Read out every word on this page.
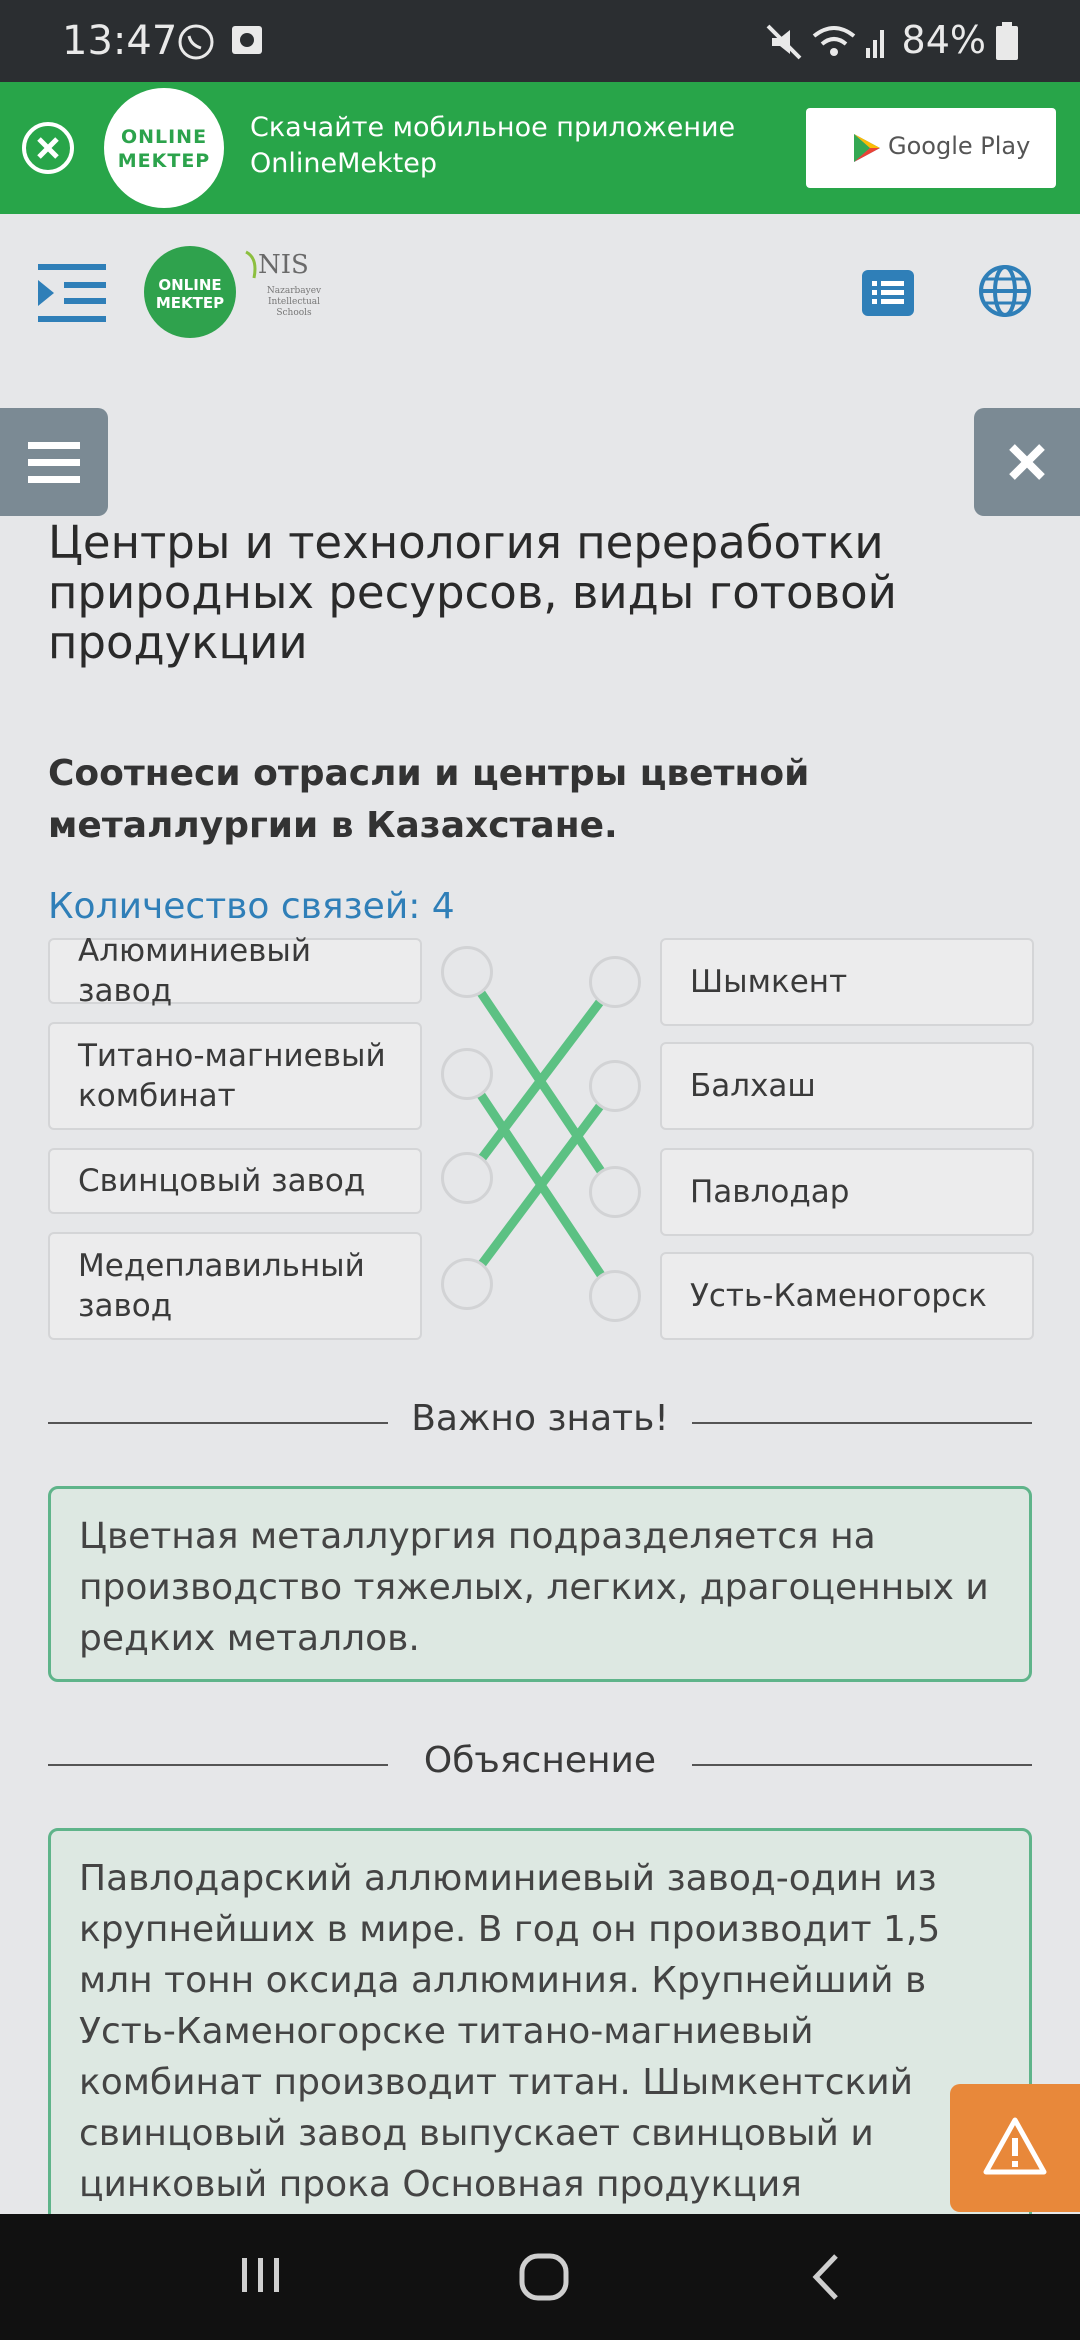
13:47	84%
ONLINE
MEKTEP
Скачайте мобильное приложение
OnlineMektep
Google Play
ONLINE
MEKTEP
NIS
Nazarbayev
Intellectual
Schools
Центры и технология переработки природных ресурсов, виды готовой продукции
Соотнеси отрасли и центры цветной металлургии в Казахстане.
Количество связей: 4
Алюминиевый завод
Титано-магниевый комбинат
Свинцовый завод
Медеплавильный завод
Шымкент
Балхаш
Павлодар
Усть-Каменогорск
Важно знать!
Цветная металлургия подразделяется на производство тяжелых, легких, драгоценных и редких металлов.
Объяснение
Павлодарский аллюминиевый завод-один из крупнейших в мире. В год он производит 1,5 млн тонн оксида аллюминия. Крупнейший в Усть-Каменогорске титано-магниевый комбинат производит титан. Шымкентский свинцовый завод выпускает свинцовый и цинковый прока Основная продукция
